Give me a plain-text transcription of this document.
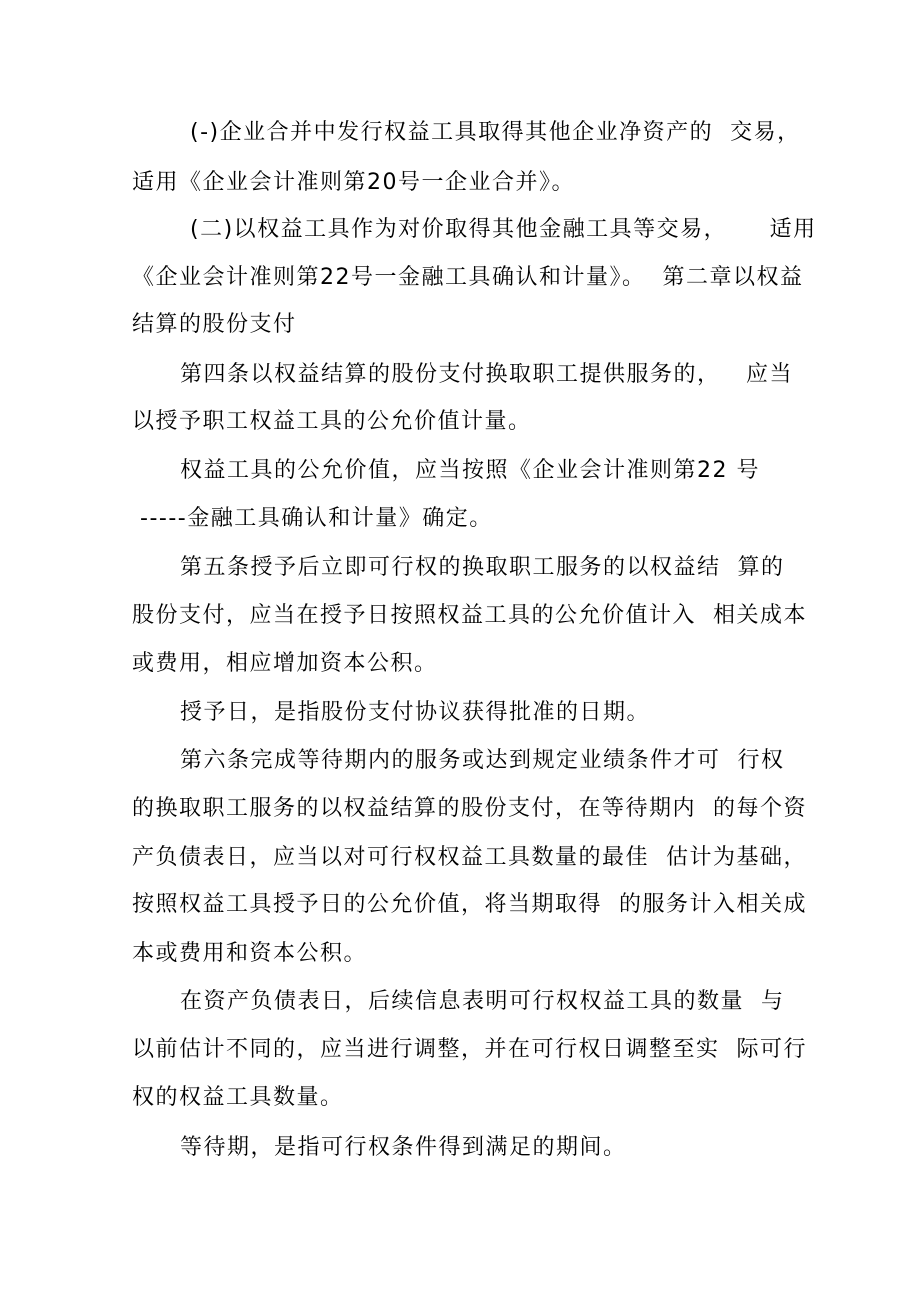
(-)企业合并中发行权益工具取得其他企业净资产的  交易，
适用《企业会计准则第20号一企业合并》。
(二)以权益工具作为对价取得其他金融工具等交易，     适用
《企业会计准则第22号一金融工具确认和计量》。  第二章以权益
结算的股份支付
第四条以权益结算的股份支付换取职工提供服务的，   应当
以授予职工权益工具的公允价值计量。
权益工具的公允价值，应当按照《企业会计准则第22 号
-----金融工具确认和计量》确定。
第五条授予后立即可行权的换取职工服务的以权益结  算的
股份支付，应当在授予日按照权益工具的公允价值计入  相关成本
或费用，相应增加资本公积。
授予日，是指股份支付协议获得批准的日期。
第六条完成等待期内的服务或达到规定业绩条件才可  行权
的换取职工服务的以权益结算的股份支付，在等待期内  的每个资
产负债表日，应当以对可行权权益工具数量的最佳  估计为基础，
按照权益工具授予日的公允价值，将当期取得  的服务计入相关成
本或费用和资本公积。
在资产负债表日，后续信息表明可行权权益工具的数量  与
以前估计不同的，应当进行调整，并在可行权日调整至实  际可行
权的权益工具数量。
等待期，是指可行权条件得到满足的期间。
